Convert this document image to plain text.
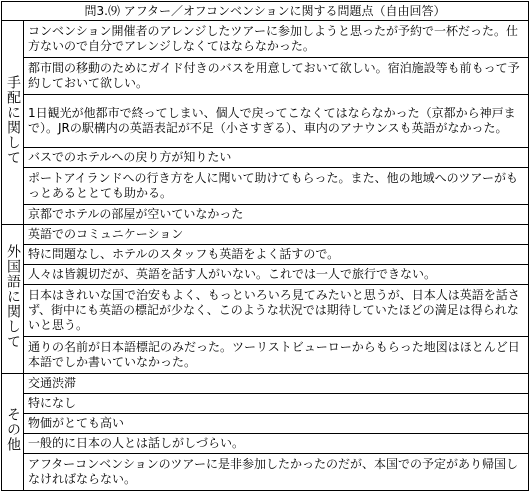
問3.⑼ アフター／オフコンベンションに関する問題点（自由回答）	
手配に関して	コンベンション開催者のアレンジしたツアーに参加しようと思ったが予約で一杯だった。仕方ないので自分でアレンジしなくてはならなかった。
	都市間の移動のためにガイド付きのバスを用意しておいて欲しい。宿泊施設等も前もって予約しておいて欲しい。
	1日観光が他都市で終ってしまい、個人で戻ってこなくてはならなかった（京都から神戸まで）。JRの駅構内の英語表記が不足（小さすぎる）、車内のアナウンスも英語がなかった。
	バスでのホテルへの戻り方が知りたい
	ポートアイランドへの行き方を人に聞いて助けてもらった。また、他の地域へのツアーがもっとあるととても助かる。
	京都でホテルの部屋が空いていなかった
外国語に関して	英語でのコミュニケーション
	特に問題なし、ホテルのスタッフも英語をよく話すので。
	人々は皆親切だが、英語を話す人がいない。これでは一人で旅行できない。
	日本はきれいな国で治安もよく、もっといろいろ見てみたいと思うが、日本人は英語を話さず、街中にも英語の標記が少なく、このような状況では期待していたほどの満足は得られないと思う。
	通りの名前が日本語標記のみだった。ツーリストビューローからもらった地図はほとんど日本語でしか書いていなかった。
その他	交通渋滞
	特になし
	物価がとても高い
	一般的に日本の人とは話しがしづらい。
	アフターコンベンションのツアーに是非参加したかったのだが、本国での予定があり帰国しなければならない。
